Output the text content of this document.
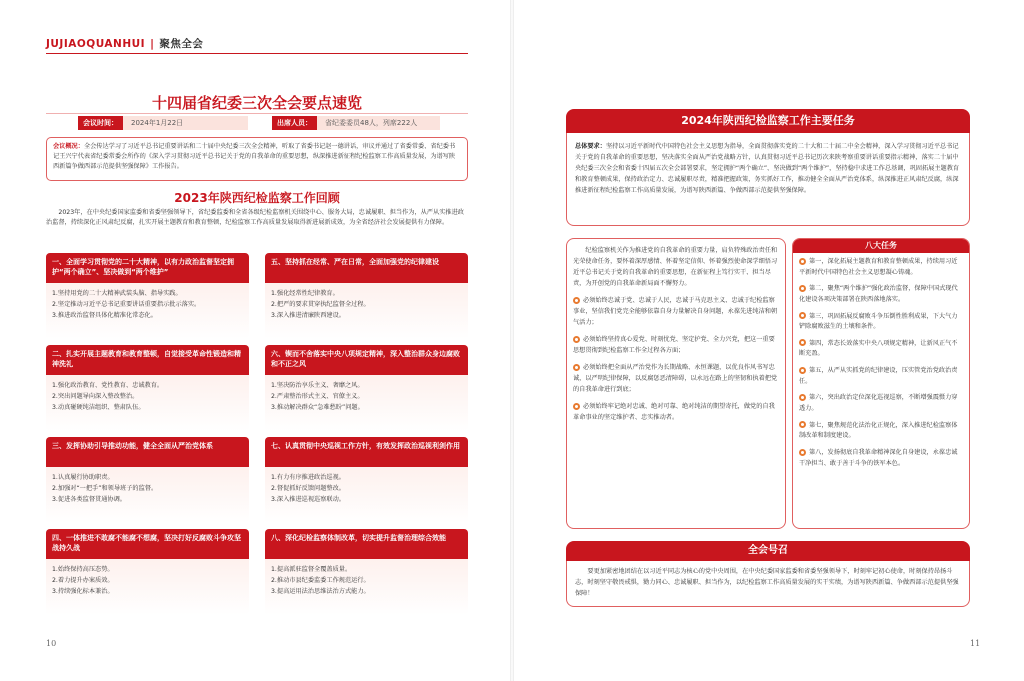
JUJIAOQUANHUI | 聚焦全会
十四届省纪委三次全会要点速览
会议时间：	2024年1月22日	出席人员：	省纪委委员48人，列席222人
会议概况：全会传达学习了习近平总书记重要讲话和二十届中央纪委三次全会精神，听取了省委书记赵一德讲话，审议并通过了省委常委、省纪委书记王兴宁代表省纪委常委会所作的《深入学习贯彻习近平总书记关于党的自我革命的重要思想，纵深推进新征程纪检监察工作高质量发展，为谱写陕西新篇争做西部示范提供坚强保障》工作报告。
2023年陕西纪检监察工作回顾
2023年，在中央纪委国家监委和省委坚强领导下，省纪委监委和全省各级纪检监察机关围绕中心、服务大局，忠诚履职、担当作为，从严从实推进政治监督，持续深化正风肃纪反腐，扎实开展主题教育和教育整顿，纪检监察工作高质量发展取得新进展新成效，为全省经济社会发展提供有力保障。
一、全面学习贯彻党的二十大精神，以有力政治监督坚定拥护“两个确立”、坚决做到“两个维护”
1.坚持用党的二十大精神武装头脑、指导实践。
2.坚定推动习近平总书记重要讲话重要指示批示落实。
3.推进政治监督具体化精准化常态化。
五、坚持抓在经常、严在日常，全面加强党的纪律建设
1.强化经常性纪律教育。
2.把严的要求贯穿执纪监督全过程。
3.深入推进清廉陕西建设。
二、扎实开展主题教育和教育整顿，自觉接受革命性锻造和精神洗礼
1.强化政治教育、党性教育、忠诚教育。
2.突出问题导向深入整改整治。
3.动真碰硬纯洁组织、整肃队伍。
六、锲而不舍落实中央八项规定精神，深入整治群众身边腐败和不正之风
1.坚决防治享乐主义、奢靡之风。
2.严肃整治形式主义、官僚主义。
3.推动解决群众“急难愁盼”问题。
三、发挥协助引导推动功能，健全全面从严治党体系
1.认真履行协助职责。
2.加强对“一把手”和领导班子的监督。
3.促进各类监督贯通协调。
七、认真贯彻中央巡视工作方针，有效发挥政治巡视利剑作用
1.有力有序推进政治巡视。
2.督促抓好反馈问题整改。
3.深入推进巡视巡察联动。
四、一体推进不敢腐不能腐不想腐，坚决打好反腐败斗争攻坚战持久战
1.始终保持高压态势。
2.着力提升办案质效。
3.持续强化标本兼治。
八、深化纪检监察体制改革，切实提升监督治理综合效能
1.提高派驻监督全覆盖质量。
2.推动市县纪委监委工作规范运行。
3.提高运用法治思维法治方式能力。
10
2024年陕西纪检监察工作主要任务
总体要求：坚持以习近平新时代中国特色社会主义思想为指导，全面贯彻落实党的二十大和二十届二中全会精神，深入学习贯彻习近平总书记关于党的自我革命的重要思想，坚决落实全面从严治党战略方针，认真贯彻习近平总书记历次来陕考察重要讲话重要指示精神，落实二十届中央纪委三次全会和省委十四届五次全会部署要求，坚定拥护“两个确立”、坚决做到“两个维护”，坚持稳中求进工作总基调，巩固拓展主题教育和教育整顿成果，保持政治定力、忠诚履职尽责，精准把握政策，务实抓好工作，推动健全全面从严治党体系，纵深推进正风肃纪反腐，纵深推进新征程纪检监察工作高质量发展，为谱写陕西新篇、争做西部示范提供坚强保障。
纪检监察机关作为推进党的自我革命的重要力量，肩负特殊政治责任和光荣使命任务，要怀着深厚感情、怀着坚定信仰、怀着强烈使命深学细悟习近平总书记关于党的自我革命的重要思想，在新征程上笃行实干、担当尽责，为开创党的自我革命新局面不懈努力。
必须始终忠诚于党、忠诚于人民，忠诚于马克思主义、忠诚于纪检监察事业，坚信我们党完全能够依靠自身力量解决自身问题，永葆先进纯洁和朝气活力；
必须始终坚持真心爱党、时刻忧党、坚定护党、全力兴党，把这一重要思想贯彻到纪检监察工作全过程各方面；
必须始终把全面从严治党作为长期战略、永恒课题，以优良作风书写忠诚，以严明纪律保障，以反腐惩恶清障碍，以永远在路上的坚韧和执着把党的自我革命进行到底；
必须始终牢记绝对忠诚、绝对可靠、绝对纯洁的期望寄托，做党的自我革命事业的坚定维护者、忠实推动者。
八大任务
第一，深化拓展主题教育和教育整顿成果，持续用习近平新时代中国特色社会主义思想凝心铸魂。
第二，聚焦“两个维护”强化政治监督，保障中国式现代化建设各项决策部署在陕西落地落实。
第三，巩固拓展反腐败斗争压倒性胜利成果，下大气力铲除腐败滋生的土壤和条件。
第四，常态长效落实中央八项规定精神，让新风正气不断充盈。
第五，从严从实抓党的纪律建设，压实管党治党政治责任。
第六，突出政治定位深化巡视巡察，不断增强震慑力穿透力。
第七，聚焦规范化法治化正规化，深入推进纪检监察体制改革和制度建设。
第八，发扬彻底自我革命精神深化自身建设，永葆忠诚干净担当、敢于善于斗争的铁军本色。
全会号召
要更加紧密地团结在以习近平同志为核心的党中央周围，在中央纪委国家监委和省委坚强领导下，时刻牢记初心使命，时刻保持昂扬斗志，时刻坚守敬畏戒惧，勠力同心、忠诚履职、担当作为，以纪检监察工作高质量发展的实干实绩，为谱写陕西新篇、争做西部示范提供坚强保障！
11
